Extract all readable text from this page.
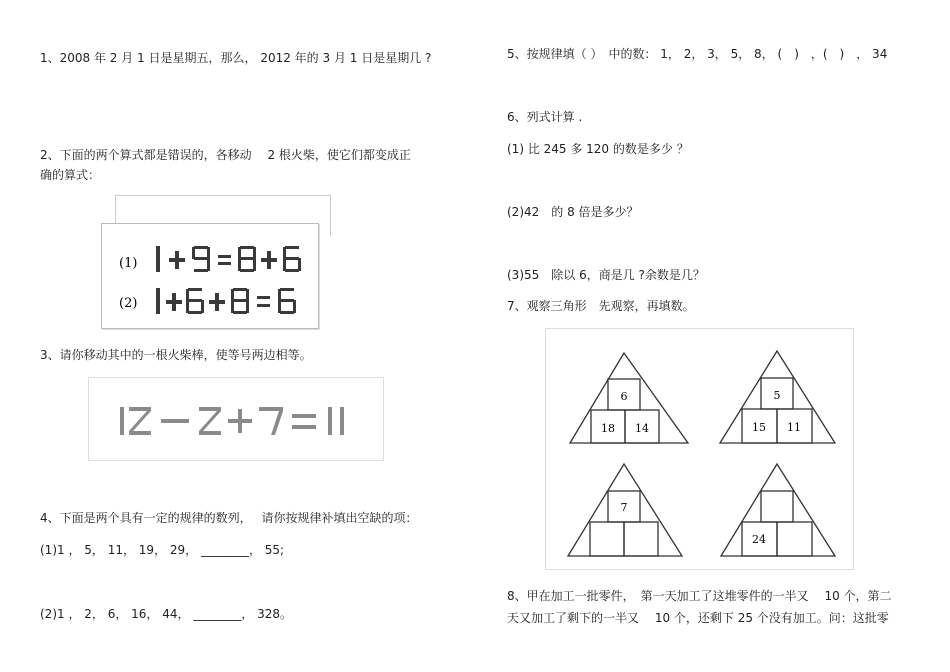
1、2008 年 2 月 1 日是星期五，那么， 2012 年的 3 月 1 日是星期几 ?
2、下面的两个算式都是错误的，各移动　 2 根火柴，使它们都变成正
确的算式：
(1)
(2)
3、请你移动其中的一根火柴棒，使等号两边相等。
4、下面是两个具有一定的规律的数列，　 请你按规律补填出空缺的项：
(1)1 ， 5， 11， 19， 29， ________， 55;
(2)1 ， 2， 6， 16， 44， ________， 328。
5、按规律填（ ）　中的数： 1， 2， 3， 5， 8， (　)　，(　)　， 34
6、列式计算 .
(1) 比 245 多 120 的数是多少 ？
(2)42　的 8 倍是多少？
(3)55　除以 6，商是几 ?余数是几？
7、观察三角形　先观察，再填数。
6
18 14
5
15 11
7
24
8、甲在加工一批零件，　第一天加工了这堆零件的一半又　 10 个，第二
天又加工了剩下的一半又　 10 个，还剩下 25 个没有加工。问：这批零
